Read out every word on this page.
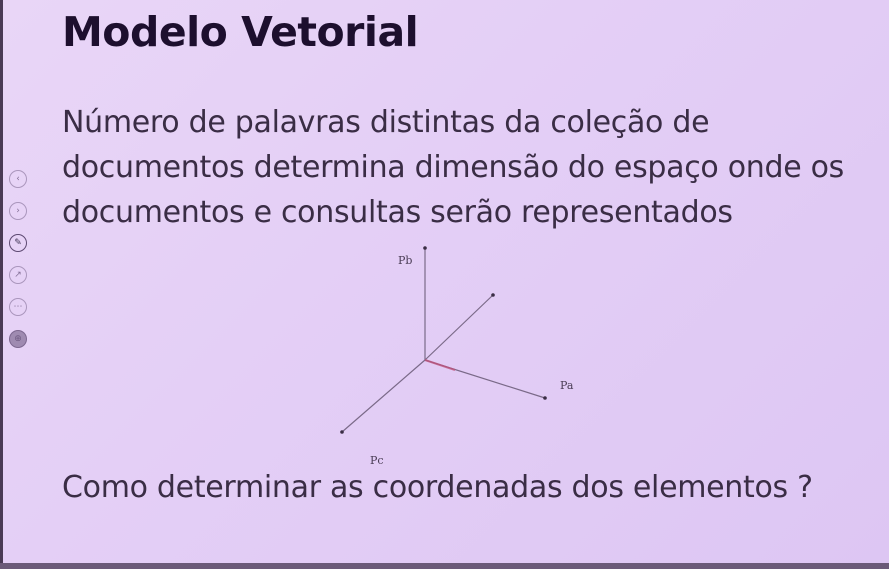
Modelo Vetorial
Número de palavras distintas da coleção de documentos determina dimensão do espaço onde os documentos e consultas serão representados
‹
›
✎
↗
⋯
⊕
Pb
Pa
Pc
Como determinar as coordenadas dos elementos ?
